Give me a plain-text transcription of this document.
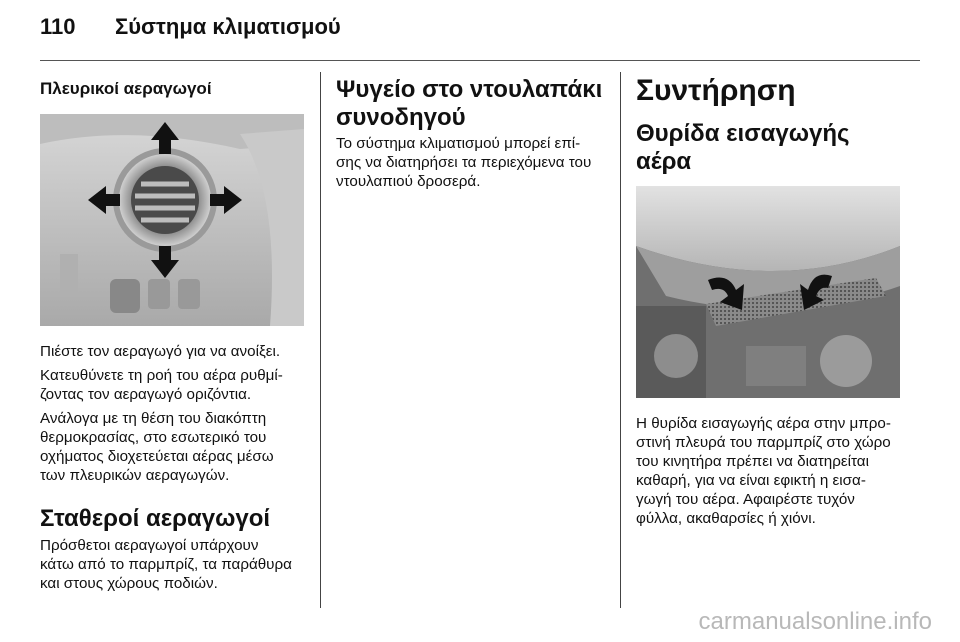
110 Σύστημα κλιματισμού
Πλευρικοί αεραγωγοί

Πιέστε τον αεραγωγό για να ανοίξει.

Κατευθύνετε τη ροή του αέρα ρυθμί-

ζοντας τον αεραγωγό οριζόντια.

Ανάλογα με τη θέση του διακόπτη

θερμοκρασίας, στο εσωτερικό του

οχήματος διοχετεύεται αέρας μέσω

των πλευρικών αεραγωγών.

Σταθεροί αεραγωγοί

Πρόσθετοι αεραγωγοί υπάρχουν

κάτω από το παρμπρίζ, τα παράθυρα

και στους χώρους ποδιών.

Ψυγείο στο ντουλαπάκι
συνοδηγού

Το σύστημα κλιματισμού μπορεί επί-

σης να διατηρήσει τα περιεχόμενα του

ντουλαπιού δροσερά.

Συντήρηση
Θυρίδα εισαγωγής αέρα

Η θυρίδα εισαγωγής αέρα στην μπρο-

στινή πλευρά του παρμπρίζ στο χώρο

του κινητήρα πρέπει να διατηρείται

καθαρή, για να είναι εφικτή η εισα-

γωγή του αέρα. Αφαιρέστε τυχόν

φύλλα, ακαθαρσίες ή χιόνι.

carmanualsonline.info
